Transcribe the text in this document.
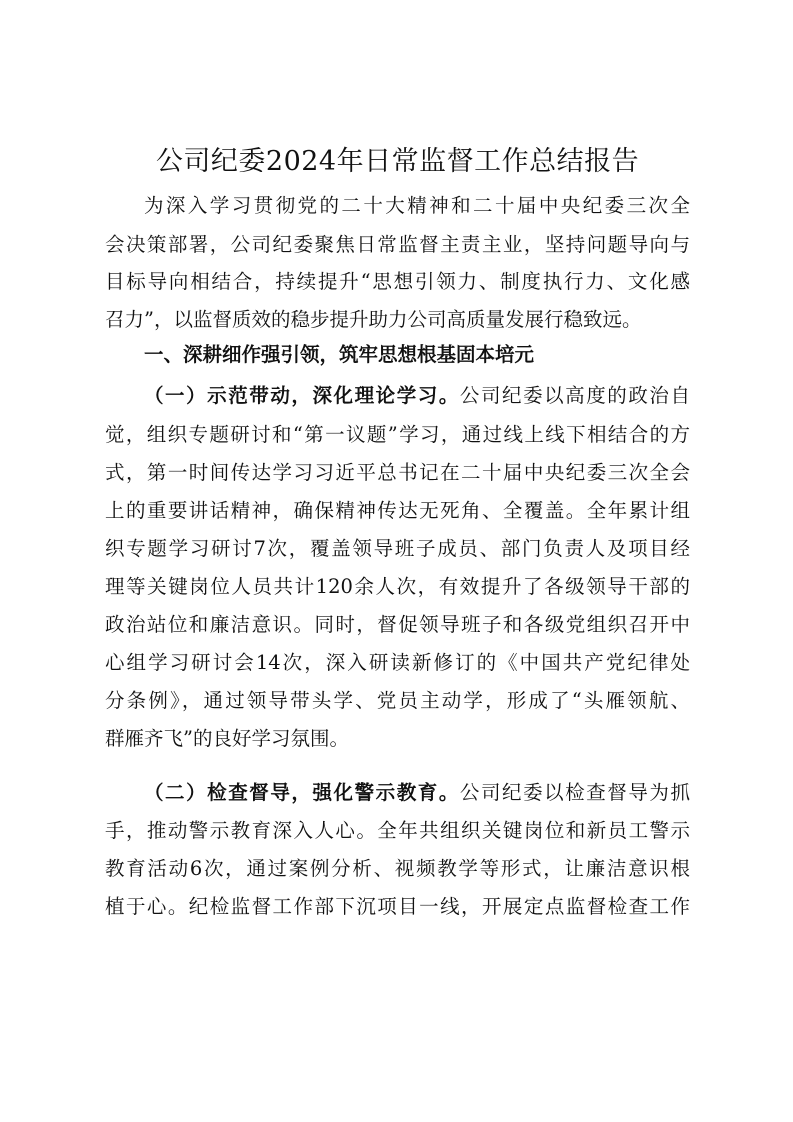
公司纪委2024年日常监督工作总结报告
为深入学习贯彻党的二十大精神和二十届中央纪委三次全
会决策部署，公司纪委聚焦日常监督主责主业，坚持问题导向与
目标导向相结合，持续提升“思想引领力、制度执行力、文化感
召力”，以监督质效的稳步提升助力公司高质量发展行稳致远。
一、深耕细作强引领，筑牢思想根基固本培元
（一）示范带动，深化理论学习。公司纪委以高度的政治自
觉，组织专题研讨和“第一议题”学习，通过线上线下相结合的方
式，第一时间传达学习习近平总书记在二十届中央纪委三次全会
上的重要讲话精神，确保精神传达无死角、全覆盖。全年累计组
织专题学习研讨7次，覆盖领导班子成员、部门负责人及项目经
理等关键岗位人员共计120余人次，有效提升了各级领导干部的
政治站位和廉洁意识。同时，督促领导班子和各级党组织召开中
心组学习研讨会14次，深入研读新修订的《中国共产党纪律处
分条例》，通过领导带头学、党员主动学，形成了“头雁领航、
群雁齐飞”的良好学习氛围。
（二）检查督导，强化警示教育。公司纪委以检查督导为抓
手，推动警示教育深入人心。全年共组织关键岗位和新员工警示
教育活动6次，通过案例分析、视频教学等形式，让廉洁意识根
植于心。纪检监督工作部下沉项目一线，开展定点监督检查工作
